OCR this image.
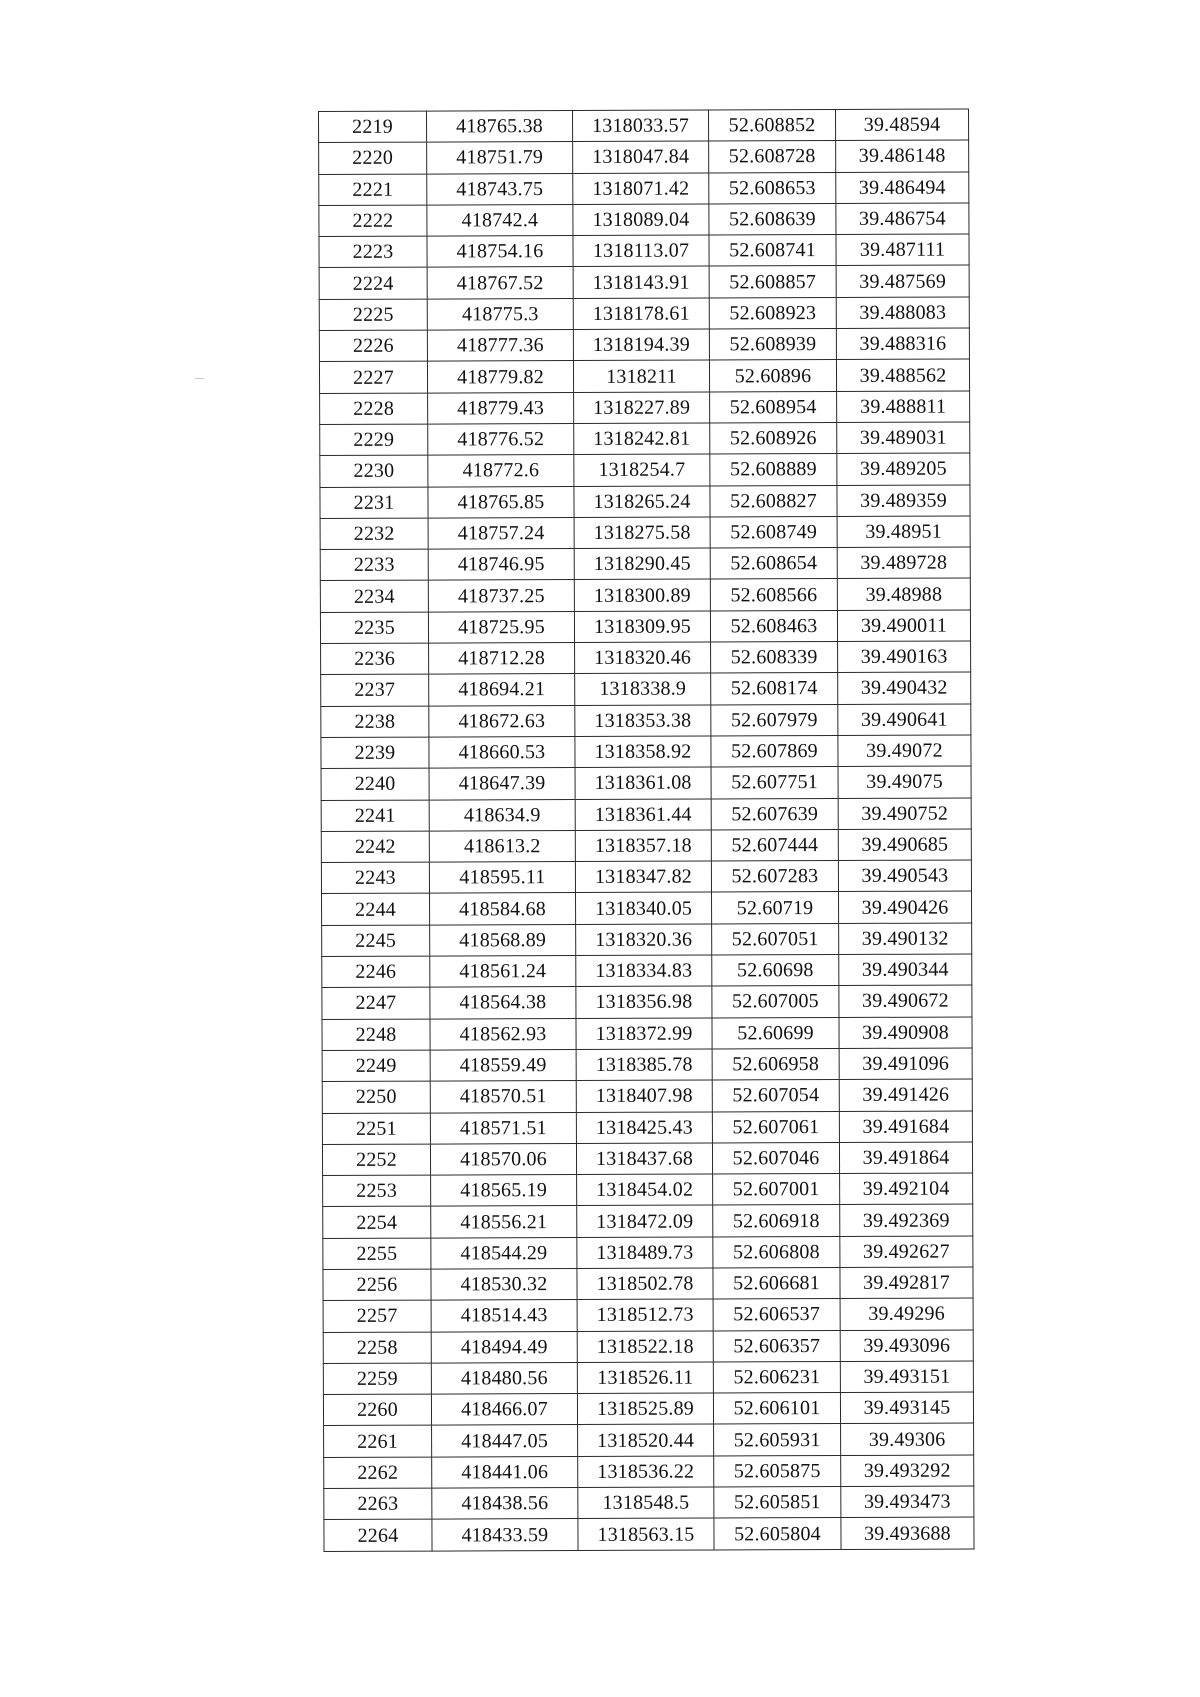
2219	418765.38	1318033.57	52.608852	39.48594
2220	418751.79	1318047.84	52.608728	39.486148
2221	418743.75	1318071.42	52.608653	39.486494
2222	418742.4	1318089.04	52.608639	39.486754
2223	418754.16	1318113.07	52.608741	39.487111
2224	418767.52	1318143.91	52.608857	39.487569
2225	418775.3	1318178.61	52.608923	39.488083
2226	418777.36	1318194.39	52.608939	39.488316
2227	418779.82	1318211	52.60896	39.488562
2228	418779.43	1318227.89	52.608954	39.488811
2229	418776.52	1318242.81	52.608926	39.489031
2230	418772.6	1318254.7	52.608889	39.489205
2231	418765.85	1318265.24	52.608827	39.489359
2232	418757.24	1318275.58	52.608749	39.48951
2233	418746.95	1318290.45	52.608654	39.489728
2234	418737.25	1318300.89	52.608566	39.48988
2235	418725.95	1318309.95	52.608463	39.490011
2236	418712.28	1318320.46	52.608339	39.490163
2237	418694.21	1318338.9	52.608174	39.490432
2238	418672.63	1318353.38	52.607979	39.490641
2239	418660.53	1318358.92	52.607869	39.49072
2240	418647.39	1318361.08	52.607751	39.49075
2241	418634.9	1318361.44	52.607639	39.490752
2242	418613.2	1318357.18	52.607444	39.490685
2243	418595.11	1318347.82	52.607283	39.490543
2244	418584.68	1318340.05	52.60719	39.490426
2245	418568.89	1318320.36	52.607051	39.490132
2246	418561.24	1318334.83	52.60698	39.490344
2247	418564.38	1318356.98	52.607005	39.490672
2248	418562.93	1318372.99	52.60699	39.490908
2249	418559.49	1318385.78	52.606958	39.491096
2250	418570.51	1318407.98	52.607054	39.491426
2251	418571.51	1318425.43	52.607061	39.491684
2252	418570.06	1318437.68	52.607046	39.491864
2253	418565.19	1318454.02	52.607001	39.492104
2254	418556.21	1318472.09	52.606918	39.492369
2255	418544.29	1318489.73	52.606808	39.492627
2256	418530.32	1318502.78	52.606681	39.492817
2257	418514.43	1318512.73	52.606537	39.49296
2258	418494.49	1318522.18	52.606357	39.493096
2259	418480.56	1318526.11	52.606231	39.493151
2260	418466.07	1318525.89	52.606101	39.493145
2261	418447.05	1318520.44	52.605931	39.49306
2262	418441.06	1318536.22	52.605875	39.493292
2263	418438.56	1318548.5	52.605851	39.493473
2264	418433.59	1318563.15	52.605804	39.493688
